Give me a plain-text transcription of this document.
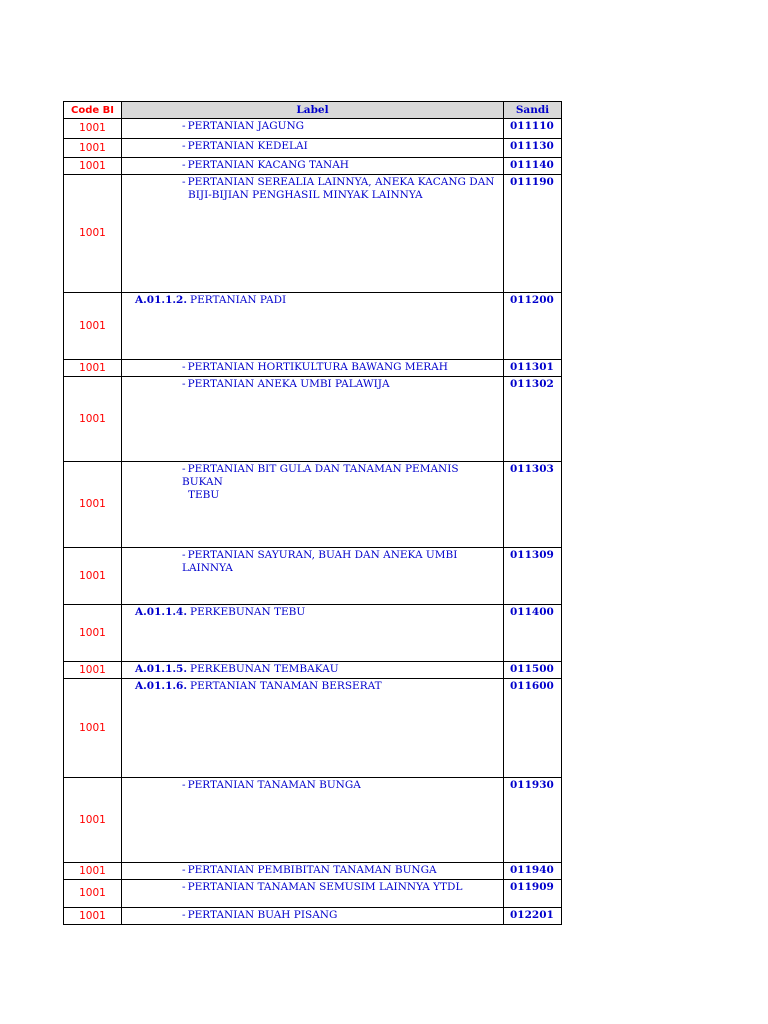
Code BI	Label	Sandi
1001	- PERTANIAN JAGUNG	011110
1001	- PERTANIAN KEDELAI	011130
1001	- PERTANIAN KACANG TANAH	011140
1001	- PERTANIAN SEREALIA LAINNYA, ANEKA KACANG DAN
BIJI-BIJIAN PENGHASIL MINYAK LAINNYA	011190
1001	A.01.1.2. PERTANIAN PADI	011200
1001	- PERTANIAN HORTIKULTURA BAWANG MERAH	011301
1001	- PERTANIAN ANEKA UMBI PALAWIJA	011302
1001	- PERTANIAN BIT GULA DAN TANAMAN PEMANIS BUKAN
TEBU	011303
1001	- PERTANIAN SAYURAN, BUAH DAN ANEKA UMBI LAINNYA	011309
1001	A.01.1.4. PERKEBUNAN TEBU	011400
1001	A.01.1.5. PERKEBUNAN TEMBAKAU	011500
1001	A.01.1.6. PERTANIAN TANAMAN BERSERAT	011600
1001	- PERTANIAN TANAMAN BUNGA	011930
1001	- PERTANIAN PEMBIBITAN TANAMAN BUNGA	011940
1001	- PERTANIAN TANAMAN SEMUSIM LAINNYA YTDL	011909
1001	- PERTANIAN BUAH PISANG	012201
